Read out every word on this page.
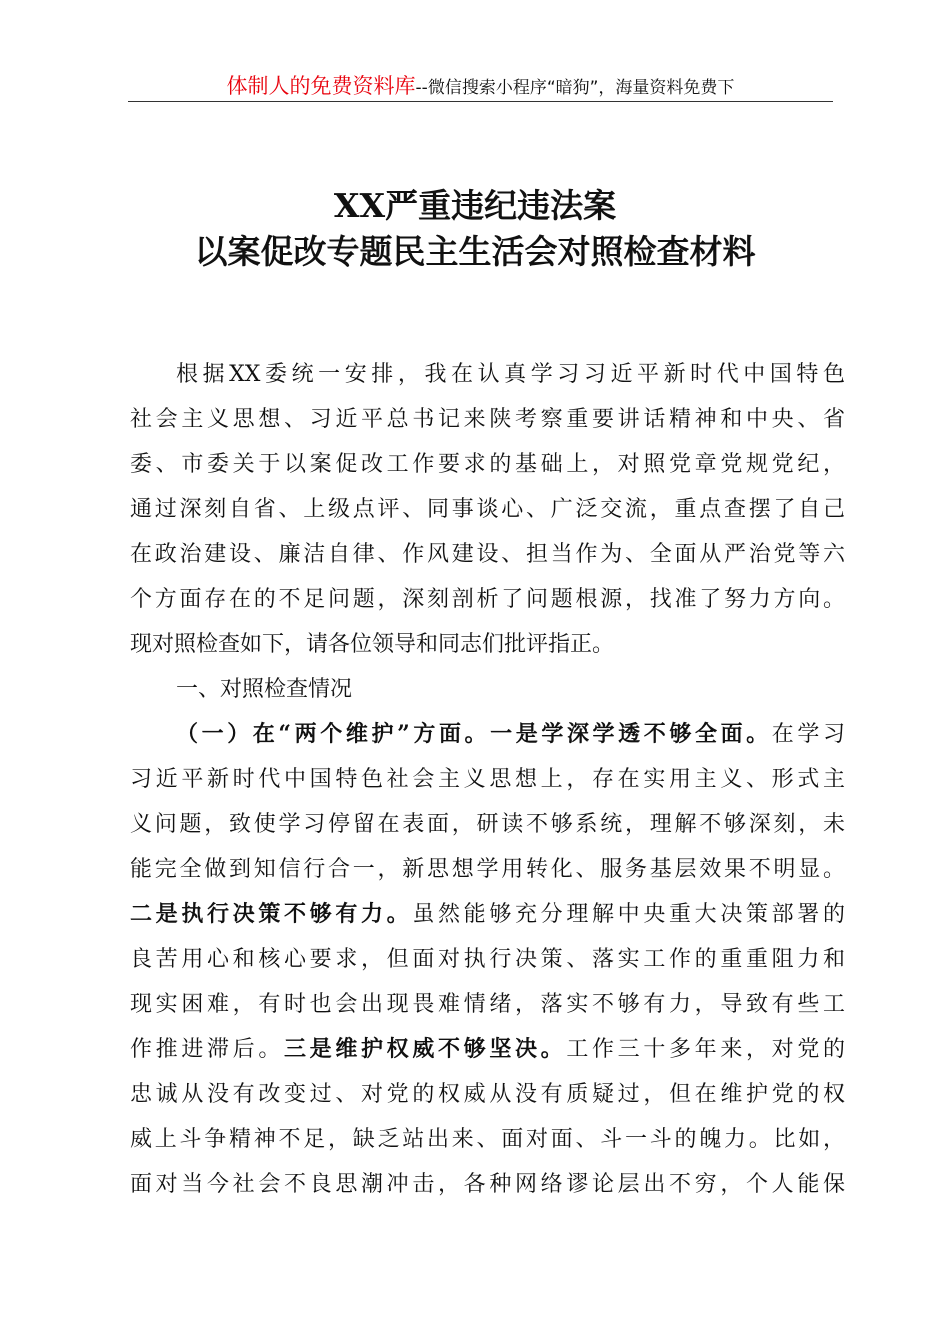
体制人的免费资料库--微信搜索小程序“暗狗”，海量资料免费下
XX严重违纪违法案
以案促改专题民主生活会对照检查材料
根据XX委统一安排，我在认真学习习近平新时代中国特色
社会主义思想、习近平总书记来陕考察重要讲话精神和中央、省
委、市委关于以案促改工作要求的基础上，对照党章党规党纪，
通过深刻自省、上级点评、同事谈心、广泛交流，重点查摆了自己
在政治建设、廉洁自律、作风建设、担当作为、全面从严治党等六
个方面存在的不足问题，深刻剖析了问题根源，找准了努力方向。
现对照检查如下，请各位领导和同志们批评指正。
一、对照检查情况
（一）在“两个维护”方面。一是学深学透不够全面。在学习
习近平新时代中国特色社会主义思想上，存在实用主义、形式主
义问题，致使学习停留在表面，研读不够系统，理解不够深刻，未
能完全做到知信行合一，新思想学用转化、服务基层效果不明显。
二是执行决策不够有力。虽然能够充分理解中央重大决策部署的
良苦用心和核心要求，但面对执行决策、落实工作的重重阻力和
现实困难，有时也会出现畏难情绪，落实不够有力，导致有些工
作推进滞后。三是维护权威不够坚决。工作三十多年来，对党的
忠诚从没有改变过、对党的权威从没有质疑过，但在维护党的权
威上斗争精神不足，缺乏站出来、面对面、斗一斗的魄力。比如，
面对当今社会不良思潮冲击，各种网络谬论层出不穷，个人能保
